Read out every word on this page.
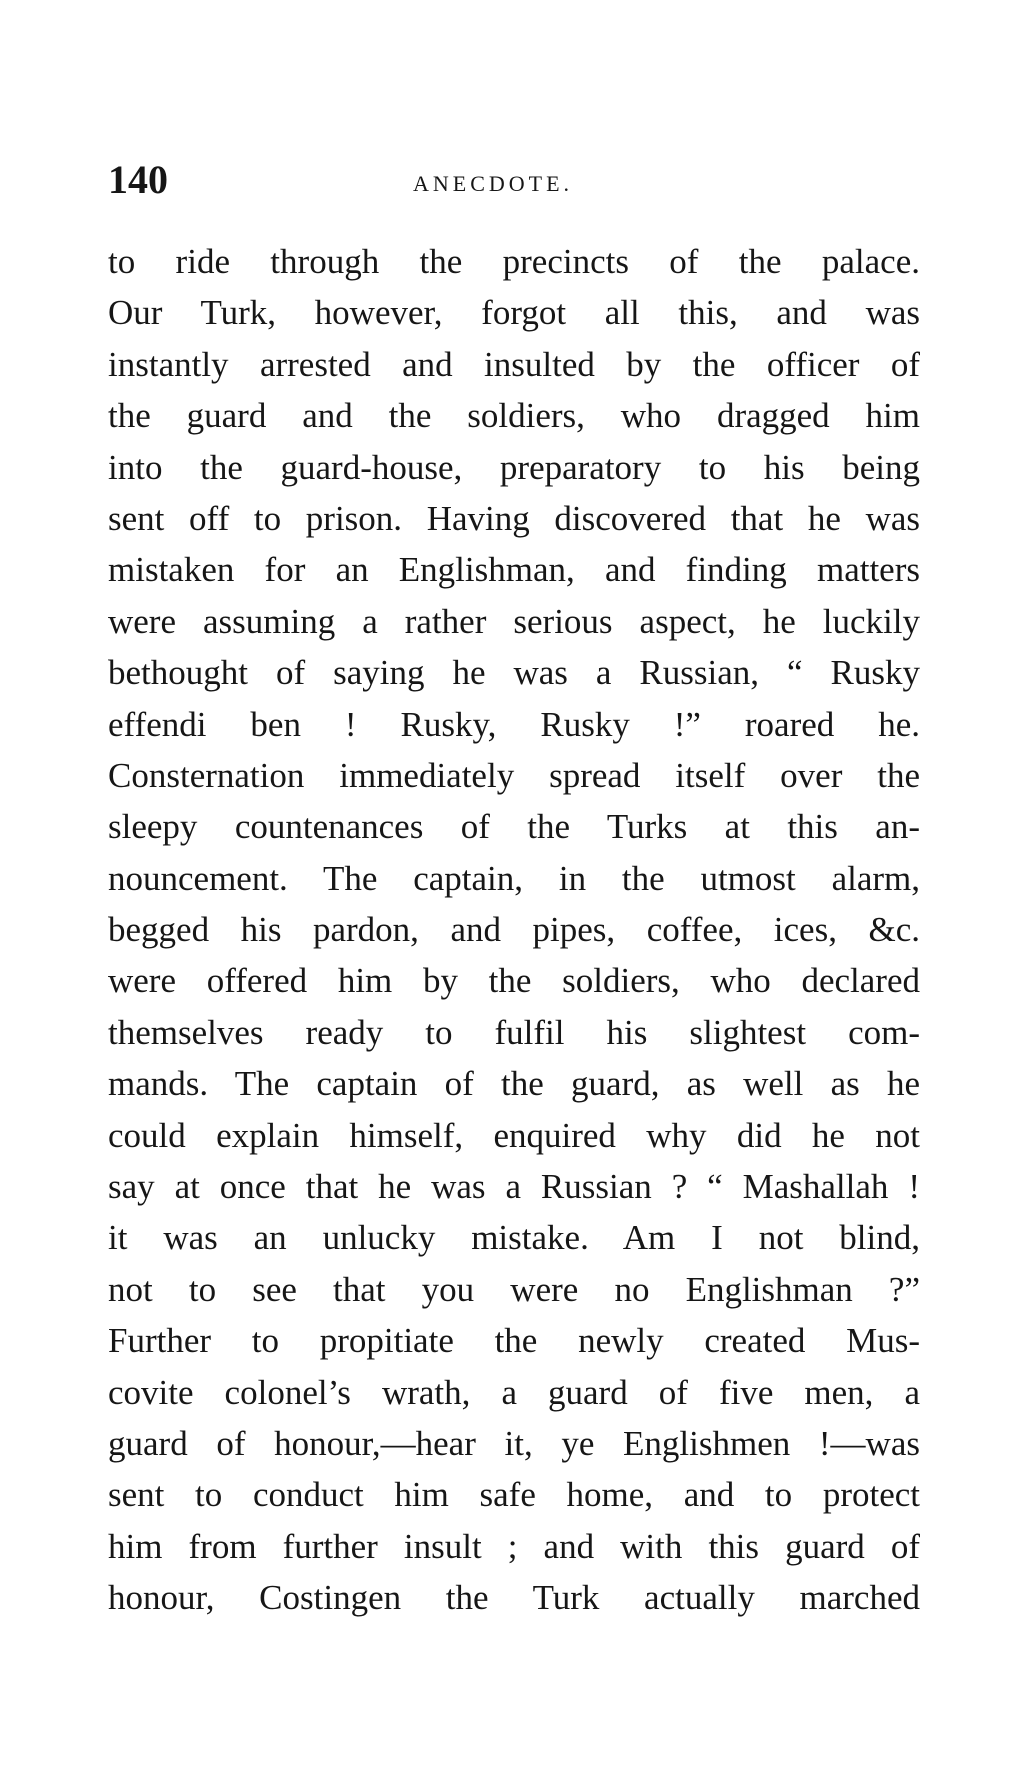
140	ANECDOTE.
to ride through the precincts of the palace.
Our Turk, however, forgot all this, and was
instantly arrested and insulted by the officer of
the guard and the soldiers, who dragged him
into the guard-house, preparatory to his being
sent off to prison. Having discovered that he was
mistaken for an Englishman, and finding matters
were assuming a rather serious aspect, he luckily
bethought of saying he was a Russian, “ Rusky
effendi ben ! Rusky, Rusky !” roared he.
Consternation immediately spread itself over the
sleepy countenances of the Turks at this an-
nouncement. The captain, in the utmost alarm,
begged his pardon, and pipes, coffee, ices, &c.
were offered him by the soldiers, who declared
themselves ready to fulfil his slightest com-
mands. The captain of the guard, as well as he
could explain himself, enquired why did he not
say at once that he was a Russian ? “ Mashallah !
it was an unlucky mistake. Am I not blind,
not to see that you were no Englishman ?”
Further to propitiate the newly created Mus-
covite colonel’s wrath, a guard of five men, a
guard of honour,—hear it, ye Englishmen !—was
sent to conduct him safe home, and to protect
him from further insult ; and with this guard of
honour, Costingen the Turk actually marched
